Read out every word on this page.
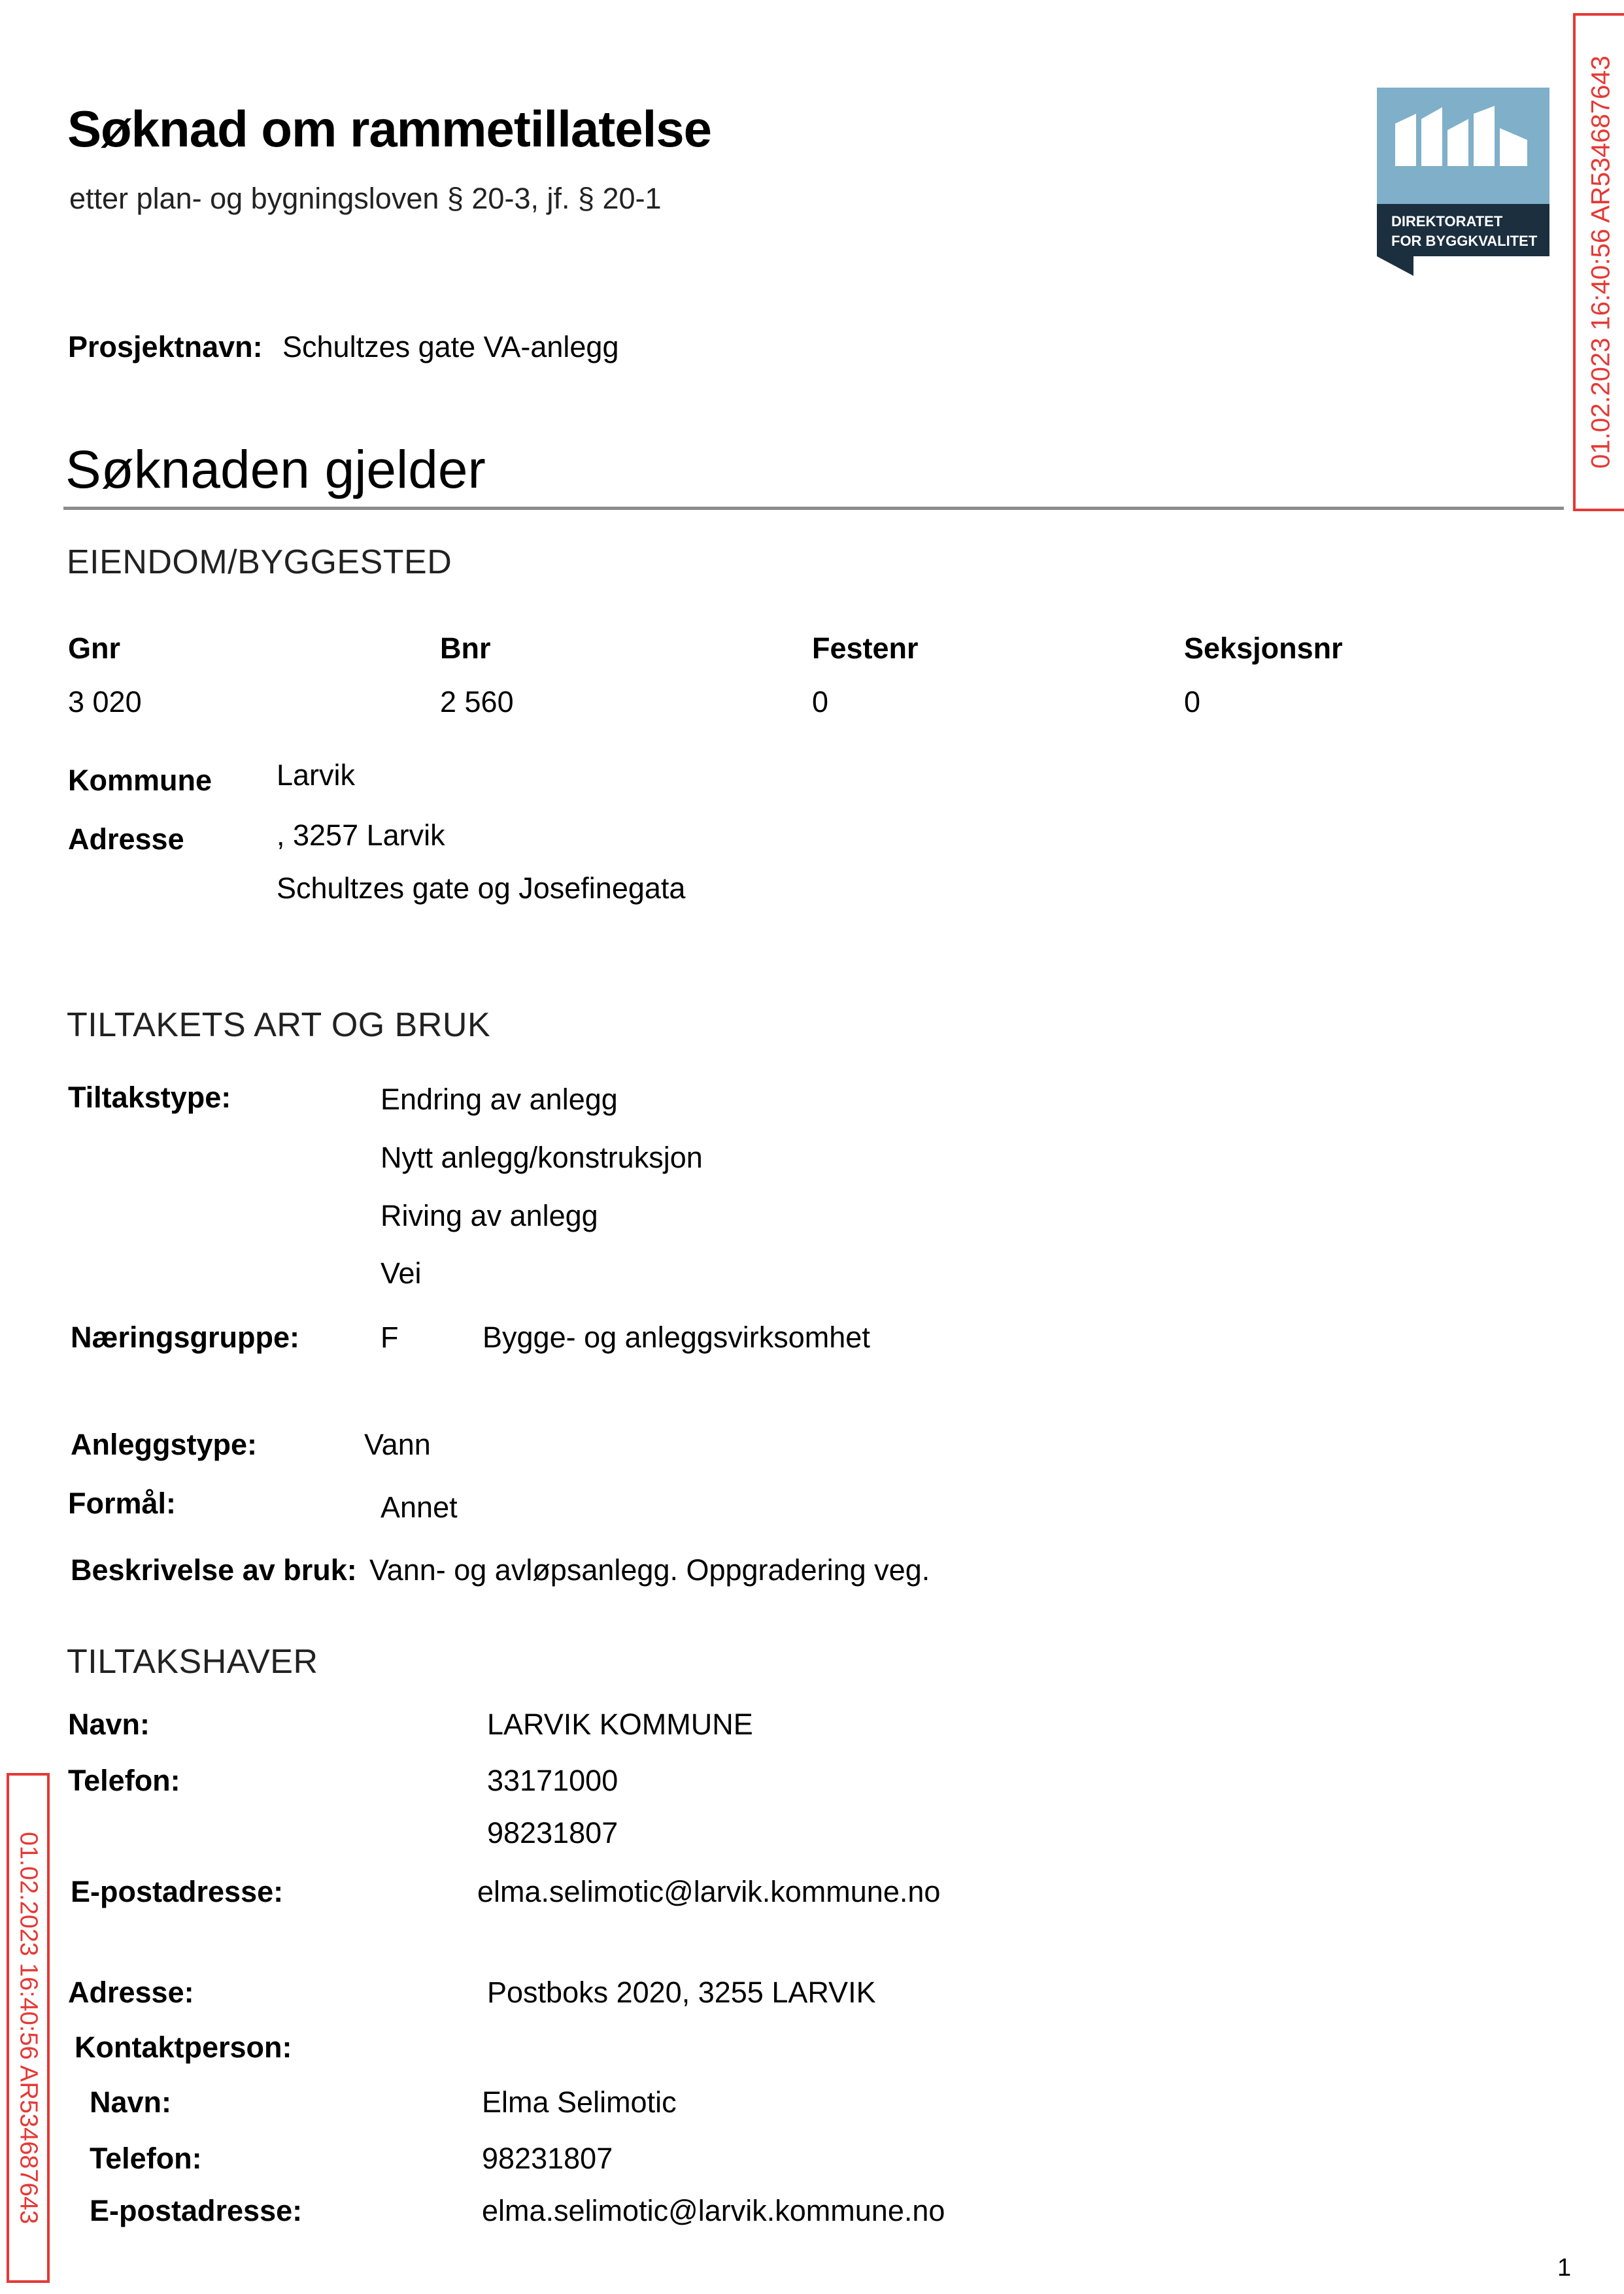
Søknad om rammetillatelse
etter plan- og bygningsloven § 20-3, jf. § 20-1
DIREKTORATET
FOR BYGGKVALITET
Prosjektnavn: Schultzes gate VA-anlegg
Søknaden gjelder
EIENDOM/BYGGESTED
Gnr	Bnr	Festenr	Seksjonsnr
3 020	2 560	0	0
Kommune Larvik
Adresse	, 3257 Larvik
Schultzes gate og Josefinegata
TILTAKETS ART OG BRUK
Tiltakstype:	Endring av anlegg
Nytt anlegg/konstruksjon
Riving av anlegg
Vei
Næringsgruppe:	F	Bygge- og anleggsvirksomhet
Anleggstype:	Vann
Formål:	Annet
Beskrivelse av bruk: Vann- og avløpsanlegg. Oppgradering veg.
TILTAKSHAVER
Navn:	LARVIK KOMMUNE
Telefon:	33171000
98231807
E-postadresse:	elma.selimotic@larvik.kommune.no
Adresse:	Postboks 2020, 3255 LARVIK
Kontaktperson:
Navn:	Elma Selimotic
Telefon:	98231807
E-postadresse:	elma.selimotic@larvik.kommune.no
01.02.2023 16:40:56 AR534687643
01.02.2023 16:40:56 AR534687643
1
